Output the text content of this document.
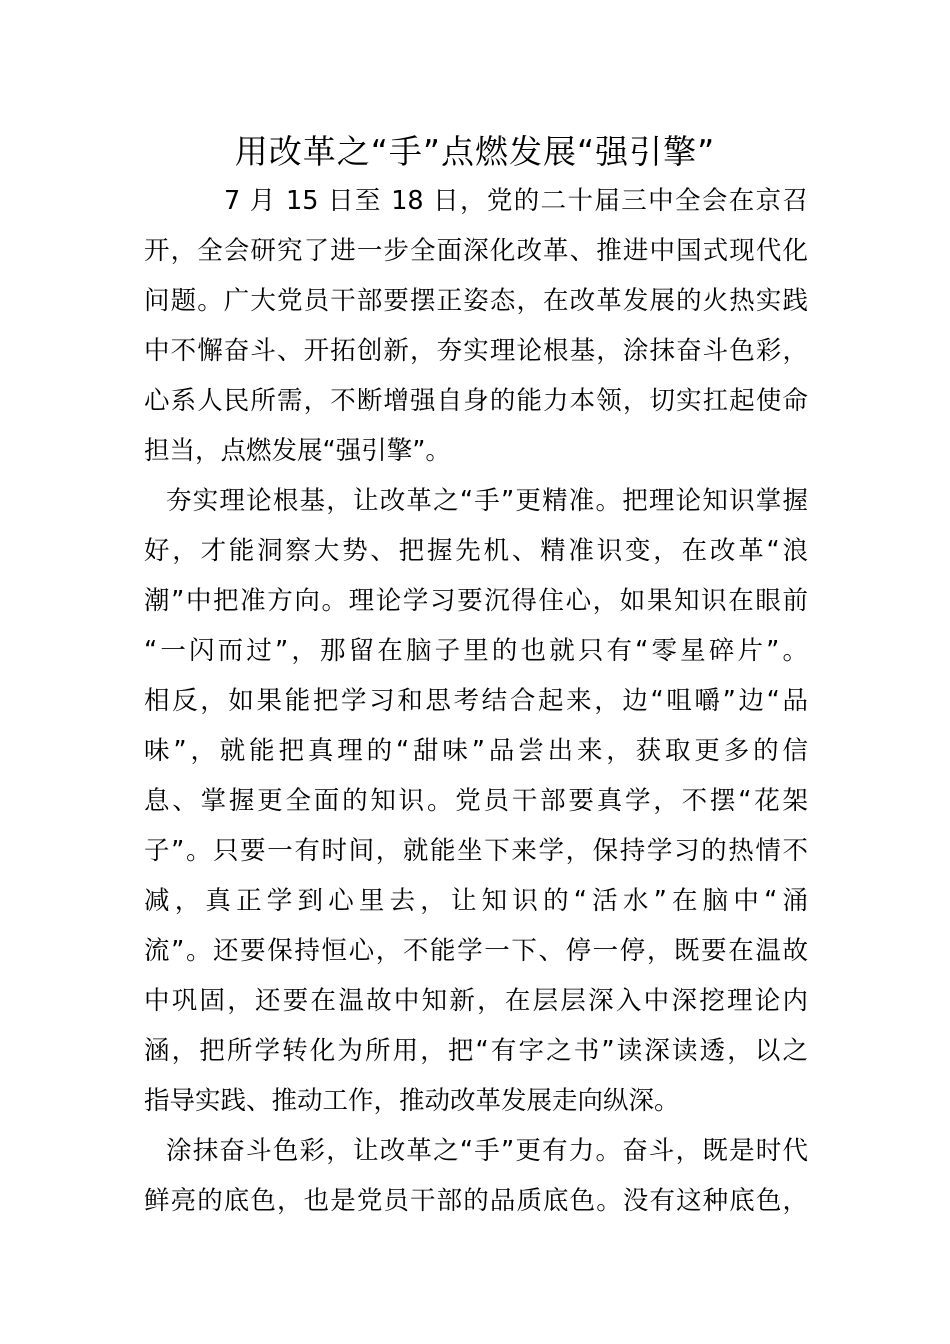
用改革之“手”点燃发展“强引擎”
7 月 15 日至 18 日，党的二十届三中全会在京召
开，全会研究了进一步全面深化改革、推进中国式现代化
问题。广大党员干部要摆正姿态，在改革发展的火热实践
中不懈奋斗、开拓创新，夯实理论根基，涂抹奋斗色彩，
心系人民所需，不断增强自身的能力本领，切实扛起使命
担当，点燃发展“强引擎”。
夯实理论根基，让改革之“手”更精准。把理论知识掌握
好，才能洞察大势、把握先机、精准识变，在改革“浪
潮”中把准方向。理论学习要沉得住心，如果知识在眼前
“一闪而过”，那留在脑子里的也就只有“零星碎片”。
相反，如果能把学习和思考结合起来，边“咀嚼”边“品
味”，就能把真理的“甜味”品尝出来，获取更多的信
息、掌握更全面的知识。党员干部要真学，不摆“花架
子”。只要一有时间，就能坐下来学，保持学习的热情不
减，真正学到心里去，让知识的“活水”在脑中“涌
流”。还要保持恒心，不能学一下、停一停，既要在温故
中巩固，还要在温故中知新，在层层深入中深挖理论内
涵，把所学转化为所用，把“有字之书”读深读透，以之
指导实践、推动工作，推动改革发展走向纵深。
涂抹奋斗色彩，让改革之“手”更有力。奋斗，既是时代
鲜亮的底色，也是党员干部的品质底色。没有这种底色，
